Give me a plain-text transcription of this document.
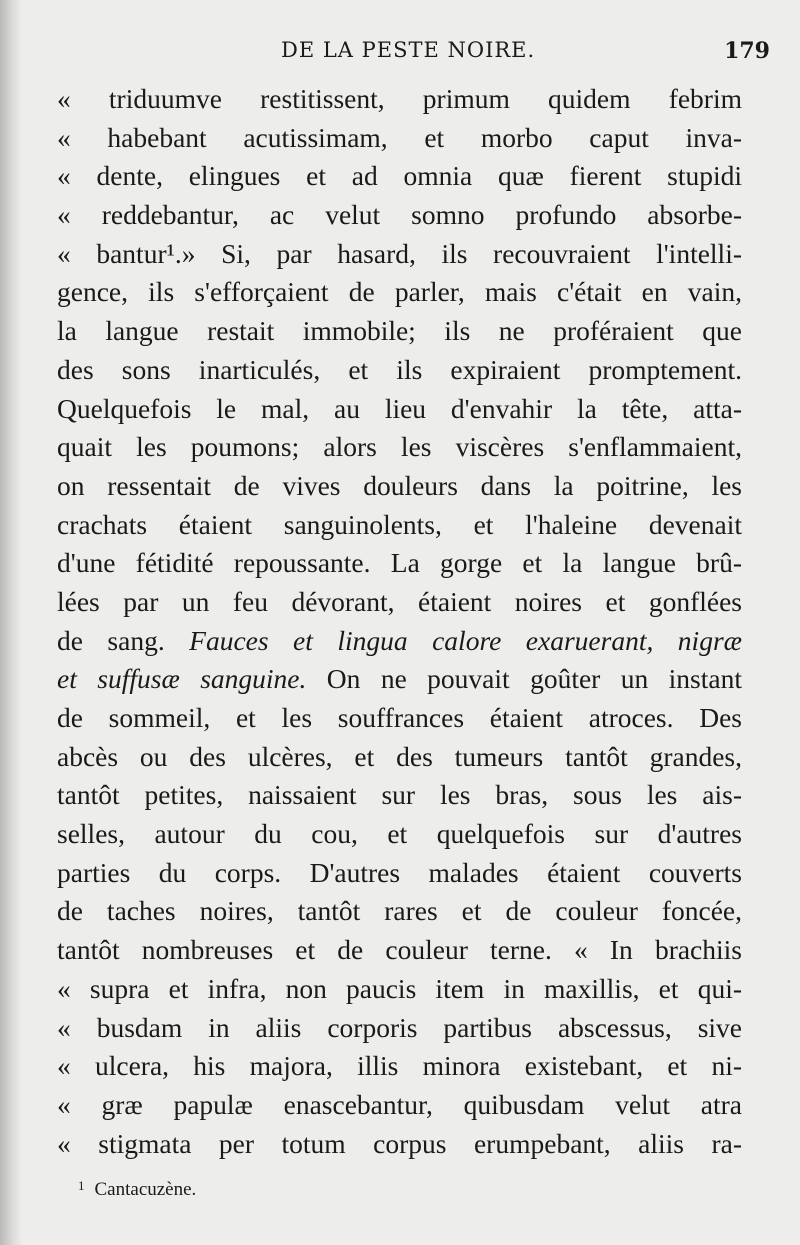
DE LA PESTE NOIRE.	179
« triduumve restitissent, primum quidem febrim
« habebant acutissimam, et morbo caput inva-
« dente, elingues et ad omnia quæ fierent stupidi
« reddebantur, ac velut somno profundo absorbe-
« bantur¹.» Si, par hasard, ils recouvraient l'intelli-
gence, ils s'efforçaient de parler, mais c'était en vain,
la langue restait immobile; ils ne proféraient que
des sons inarticulés, et ils expiraient promptement.
Quelquefois le mal, au lieu d'envahir la tête, atta-
quait les poumons; alors les viscères s'enflammaient,
on ressentait de vives douleurs dans la poitrine, les
crachats étaient sanguinolents, et l'haleine devenait
d'une fétidité repoussante. La gorge et la langue brû-
lées par un feu dévorant, étaient noires et gonflées
de sang. Fauces et lingua calore exaruerant, nigræ
et suffusæ sanguine. On ne pouvait goûter un instant
de sommeil, et les souffrances étaient atroces. Des
abcès ou des ulcères, et des tumeurs tantôt grandes,
tantôt petites, naissaient sur les bras, sous les ais-
selles, autour du cou, et quelquefois sur d'autres
parties du corps. D'autres malades étaient couverts
de taches noires, tantôt rares et de couleur foncée,
tantôt nombreuses et de couleur terne. « In brachiis
« supra et infra, non paucis item in maxillis, et qui-
« busdam in aliis corporis partibus abscessus, sive
« ulcera, his majora, illis minora existebant, et ni-
« græ papulæ enascebantur, quibusdam velut atra
« stigmata per totum corpus erumpebant, aliis ra-
$^1$ Cantacuzène.
